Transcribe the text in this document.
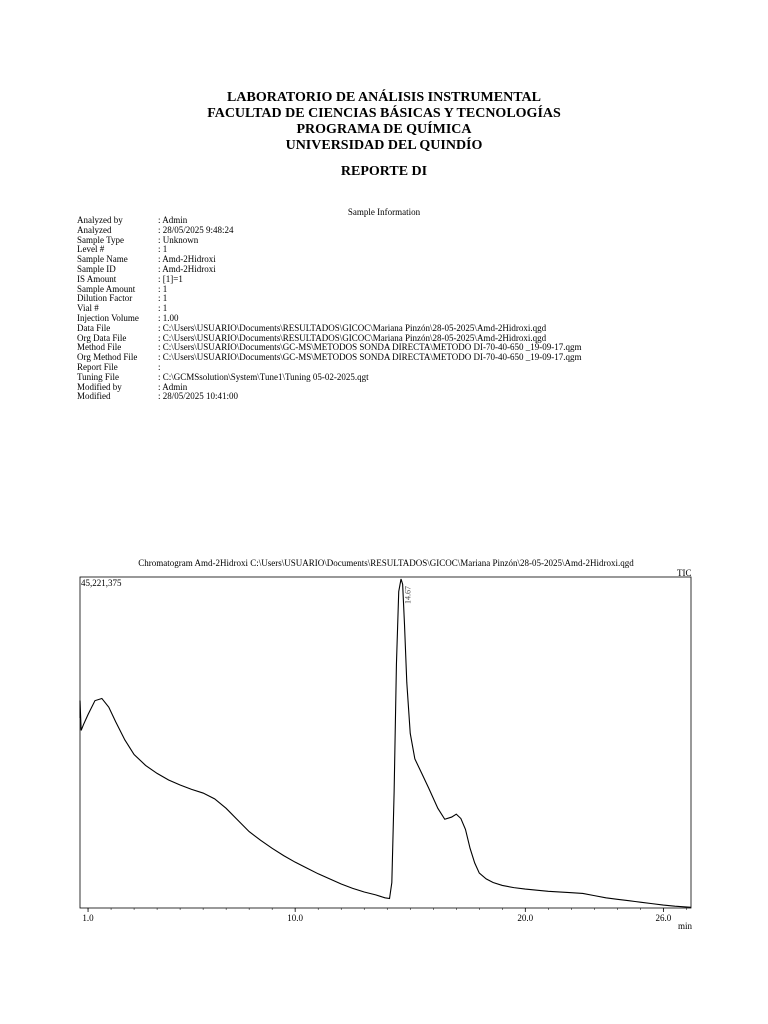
LABORATORIO DE ANÁLISIS INSTRUMENTAL
FACULTAD DE CIENCIAS BÁSICAS Y TECNOLOGÍAS
PROGRAMA DE QUÍMICA
UNIVERSIDAD DEL QUINDÍO
REPORTE DI
Sample Information
Analyzed by	: Admin
Analyzed	: 28/05/2025 9:48:24
Sample Type	: Unknown
Level #	: 1
Sample Name	: Amd-2Hidroxi
Sample ID	: Amd-2Hidroxi
IS Amount	: [1]=1
Sample Amount	: 1
Dilution Factor	: 1
Vial #	: 1
Injection Volume	: 1.00
Data File	: C:\Users\USUARIO\Documents\RESULTADOS\GICOC\Mariana Pinzón\28-05-2025\Amd-2Hidroxi.qgd
Org Data File	: C:\Users\USUARIO\Documents\RESULTADOS\GICOC\Mariana Pinzón\28-05-2025\Amd-2Hidroxi.qgd
Method File	: C:\Users\USUARIO\Documents\GC-MS\METODOS SONDA DIRECTA\METODO DI-70-40-650 _19-09-17.qgm
Org Method File	: C:\Users\USUARIO\Documents\GC-MS\METODOS SONDA DIRECTA\METODO DI-70-40-650 _19-09-17.qgm
Report File	:
Tuning File	: C:\GCMSsolution\System\Tune1\Tuning 05-02-2025.qgt
Modified by	: Admin
Modified	: 28/05/2025 10:41:00
Chromatogram Amd-2Hidroxi C:\Users\USUARIO\Documents\RESULTADOS\GICOC\Mariana Pinzón\28-05-2025\Amd-2Hidroxi.qgd
TIC
45,221,375
1.0	10.0	20.0	26.0
min
14.67
